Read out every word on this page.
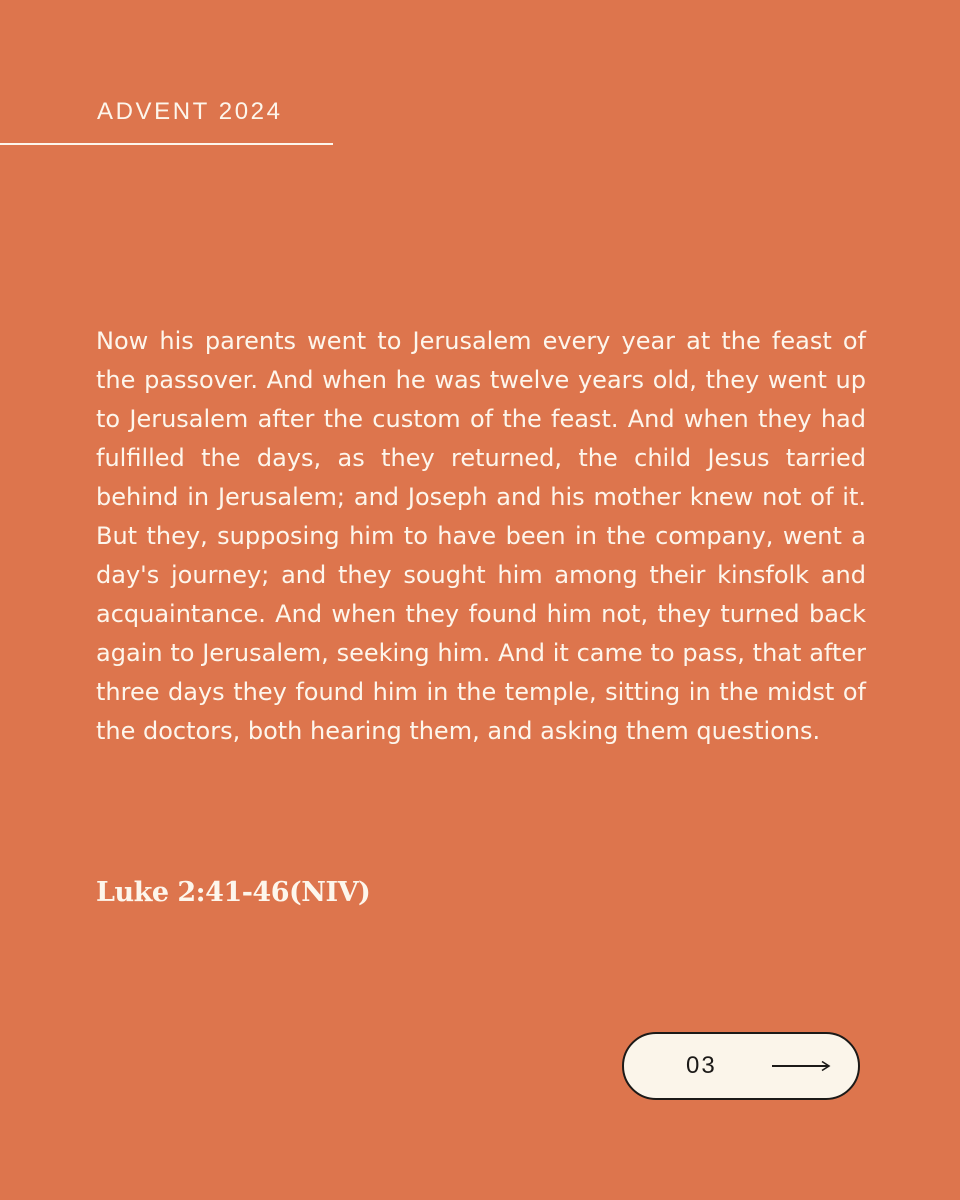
ADVENT 2024

Now his parents went to Jerusalem every year at the feast of the passover. And when he was twelve years old, they went up to Jerusalem after the custom of the feast. And when they had fulfilled the days, as they returned, the child Jesus tarried behind in Jerusalem; and Joseph and his mother knew not of it. But they, supposing him to have been in the company, went a day's journey; and they sought him among their kinsfolk and acquaintance. And when they found him not, they turned back again to Jerusalem, seeking him. And it came to pass, that after three days they found him in the temple, sitting in the midst of the doctors, both hearing them, and asking them questions.

Luke 2:41-46(NIV)

03
